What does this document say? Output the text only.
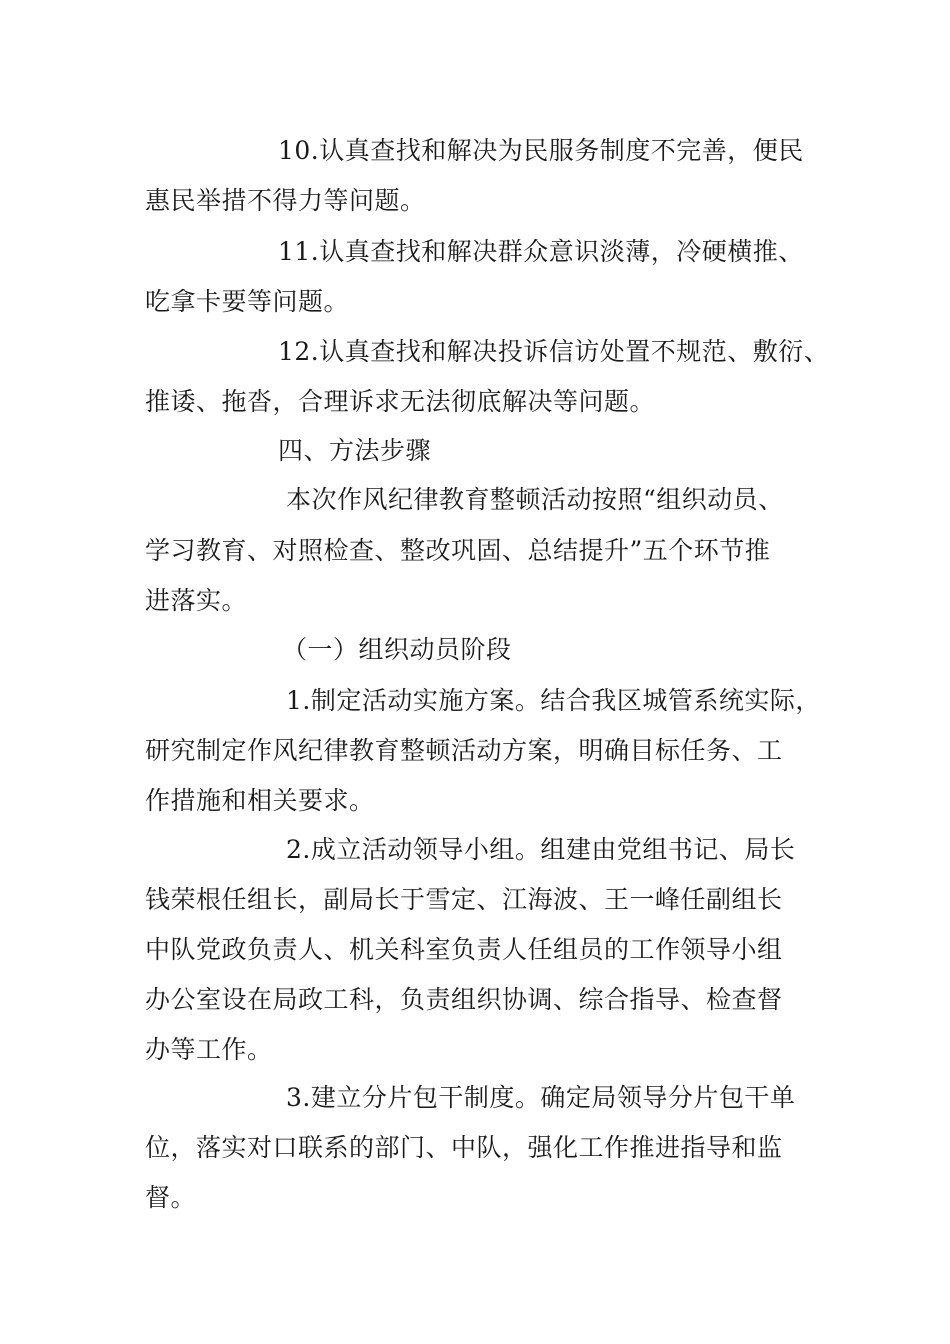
10.认真查找和解决为民服务制度不完善，便民
惠民举措不得力等问题。
11.认真查找和解决群众意识淡薄，冷硬横推、
吃拿卡要等问题。
12.认真查找和解决投诉信访处置不规范、敷衍、
推诿、拖沓，合理诉求无法彻底解决等问题。
四、方法步骤
本次作风纪律教育整顿活动按照“组织动员、
学习教育、对照检查、整改巩固、总结提升”五个环节推
进落实。
（一）组织动员阶段
1.制定活动实施方案。结合我区城管系统实际，
研究制定作风纪律教育整顿活动方案，明确目标任务、工
作措施和相关要求。
2.成立活动领导小组。组建由党组书记、局长
钱荣根任组长，副局长于雪定、江海波、王一峰任副组长
中队党政负责人、机关科室负责人任组员的工作领导小组
办公室设在局政工科，负责组织协调、综合指导、检查督
办等工作。
3.建立分片包干制度。确定局领导分片包干单
位，落实对口联系的部门、中队，强化工作推进指导和监
督。
